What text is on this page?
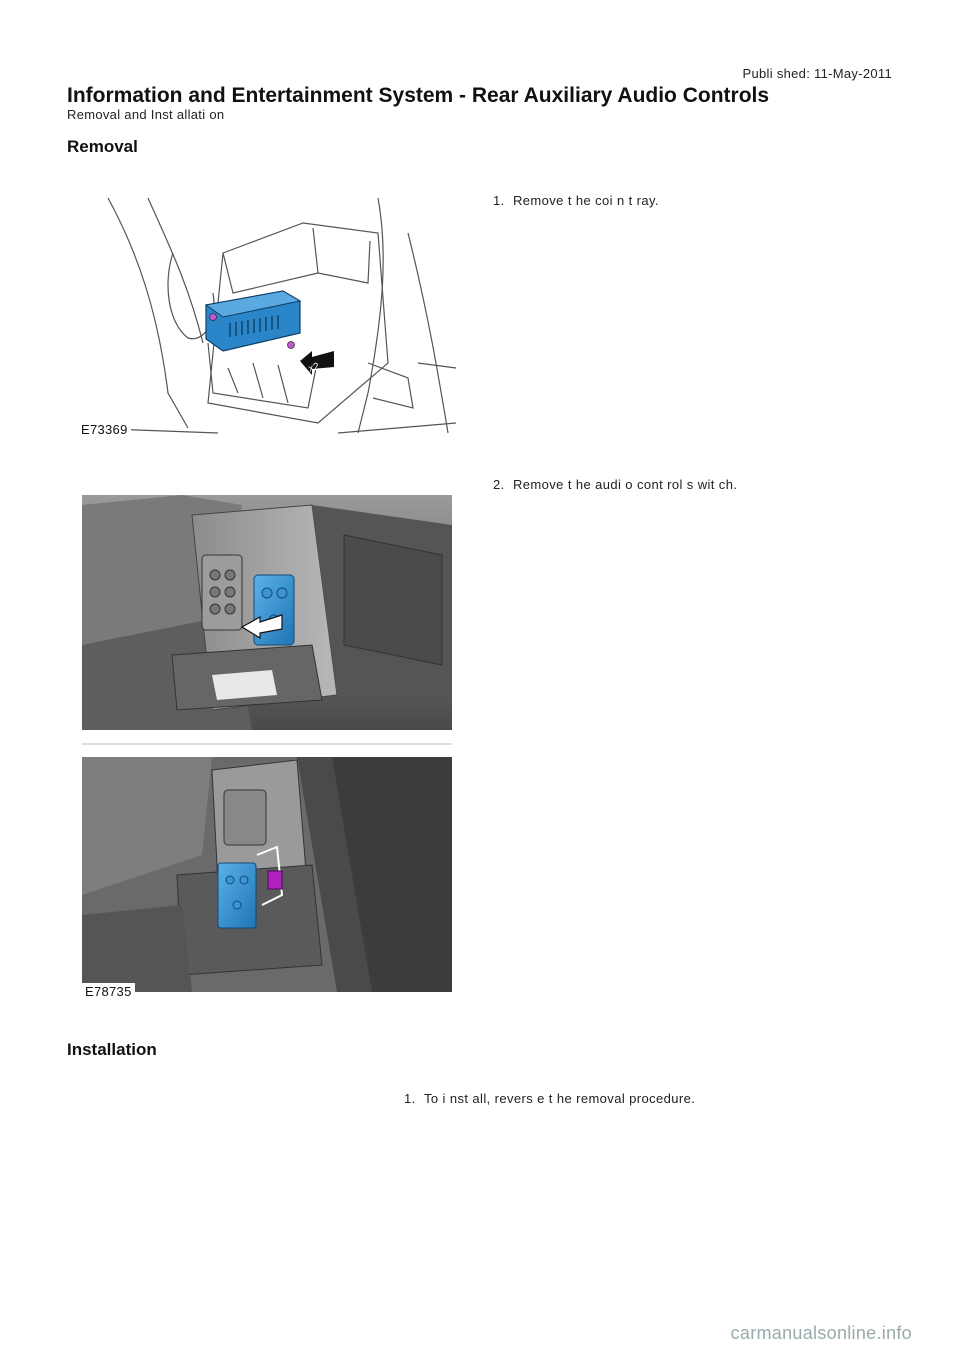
Publi shed: 11-May-2011
Information and Entertainment System - Rear Auxiliary Audio Controls
Removal and Inst allati on
Removal
1. Remove t he coi n t ray.
x2
E73369
2. Remove t he audi o cont rol s wit ch.
E78735
Installation
1. To i nst all, revers e t he removal procedure.
carmanualsonline.info
